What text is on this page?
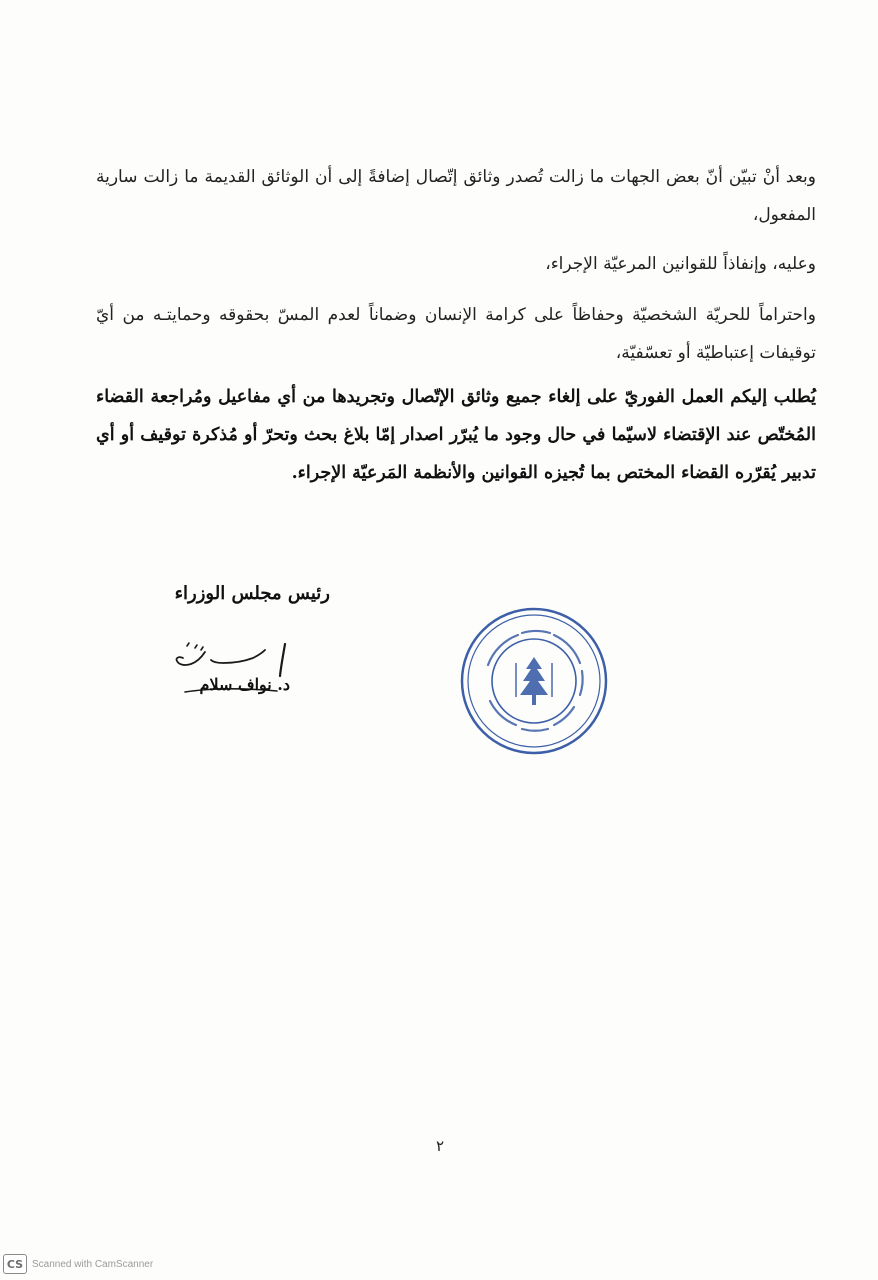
وبعد أنْ تبيّن أنّ بعض الجهات ما زالت تُصدر وثائق إتّصال إضافةً إلى أن الوثائق القديمة ما زالت سارية المفعول،

وعليه، وإنفاذاً للقوانين المرعيّة الإجراء،

واحتراماً للحريّة الشخصيّة وحفاظاً على كرامة الإنسان وضماناً لعدم المسّ بحقوقه وحمايتـه من أيّ توقيفات إعتباطيّة أو تعسّفيّة،

يُطلب إليكم العمل الفوريّ على إلغاء جميع وثائق الإتّصال وتجريدها من أي مفاعيل ومُراجعة القضاء المُختّص عند الإقتضاء لاسيّما في حال وجود ما يُبرّر اصدار إمّا بلاغ بحث وتحرّ أو مُذكرة توقيف أو أي تدبير يُقرّره القضاء المختص بما تُجيزه القوانين والأنظمة المَرعيّة الإجراء.

رئيس مجلس الوزراء

د. نواف سلام

٢

CS Scanned with CamScanner
